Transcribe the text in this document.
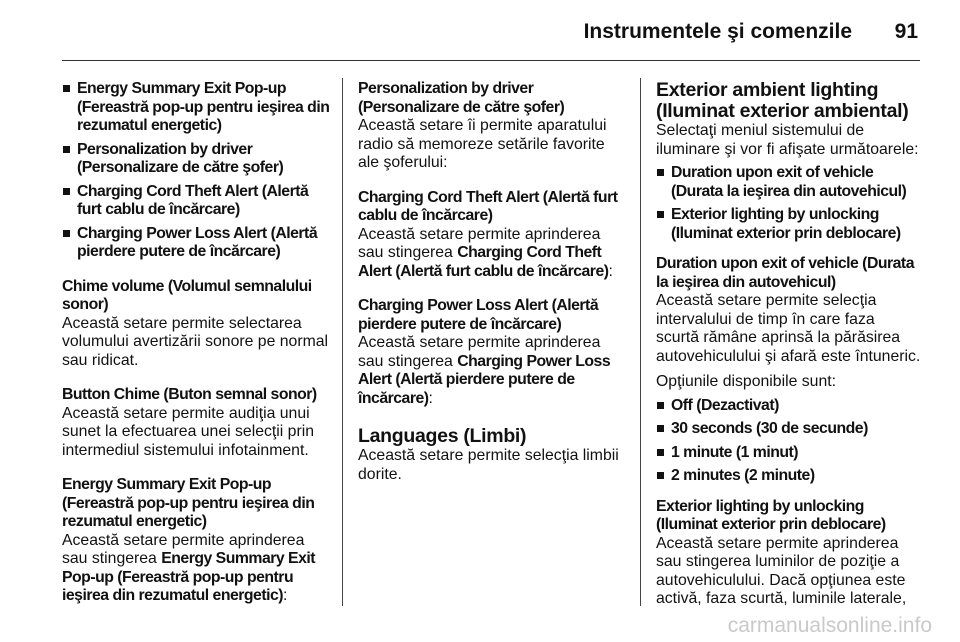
Instrumentele şi comenzile 91
Energy Summary Exit Pop-up (Fereastră pop-up pentru ieşirea din rezumatul energetic)
Personalization by driver (Personalizare de către şofer)
Charging Cord Theft Alert (Alertă furt cablu de încărcare)
Charging Power Loss Alert (Alertă pierdere putere de încărcare)

Chime volume (Volumul semnalului sonor)

Această setare permite selectarea volumului avertizării sonore pe normal sau ridicat.

Button Chime (Buton semnal sonor)

Această setare permite audiţia unui sunet la efectuarea unei selecţii prin intermediul sistemului infotainment.

Energy Summary Exit Pop-up (Fereastră pop-up pentru ieşirea din rezumatul energetic)

Această setare permite aprinderea sau stingerea Energy Summary Exit Pop-up (Fereastră pop-up pentru ieşirea din rezumatul energetic):

Personalization by driver (Personalizare de către şofer)

Această setare îi permite aparatului radio să memoreze setările favorite ale şoferului:

Charging Cord Theft Alert (Alertă furt cablu de încărcare)

Această setare permite aprinderea sau stingerea Charging Cord Theft Alert (Alertă furt cablu de încărcare):

Charging Power Loss Alert (Alertă pierdere putere de încărcare)

Această setare permite aprinderea sau stingerea Charging Power Loss Alert (Alertă pierdere putere de încărcare):

Languages (Limbi)

Această setare permite selecţia limbii dorite.

Exterior ambient lighting (Iluminat exterior ambiental)

Selectaţi meniul sistemului de iluminare şi vor fi afişate următoarele:

Duration upon exit of vehicle (Durata la ieşirea din autovehicul)
Exterior lighting by unlocking (Iluminat exterior prin deblocare)

Duration upon exit of vehicle (Durata la ieşirea din autovehicul)

Această setare permite selecţia intervalului de timp în care faza scurtă rămâne aprinsă la părăsirea autovehiculului şi afară este întuneric.

Opţiunile disponibile sunt:

Off (Dezactivat)
30 seconds (30 de secunde)
1 minute (1 minut)
2 minutes (2 minute)

Exterior lighting by unlocking (Iluminat exterior prin deblocare)

Această setare permite aprinderea sau stingerea luminilor de poziţie a autovehiculului. Dacă opţiunea este activă, faza scurtă, luminile laterale,

carmanualsonline.info
